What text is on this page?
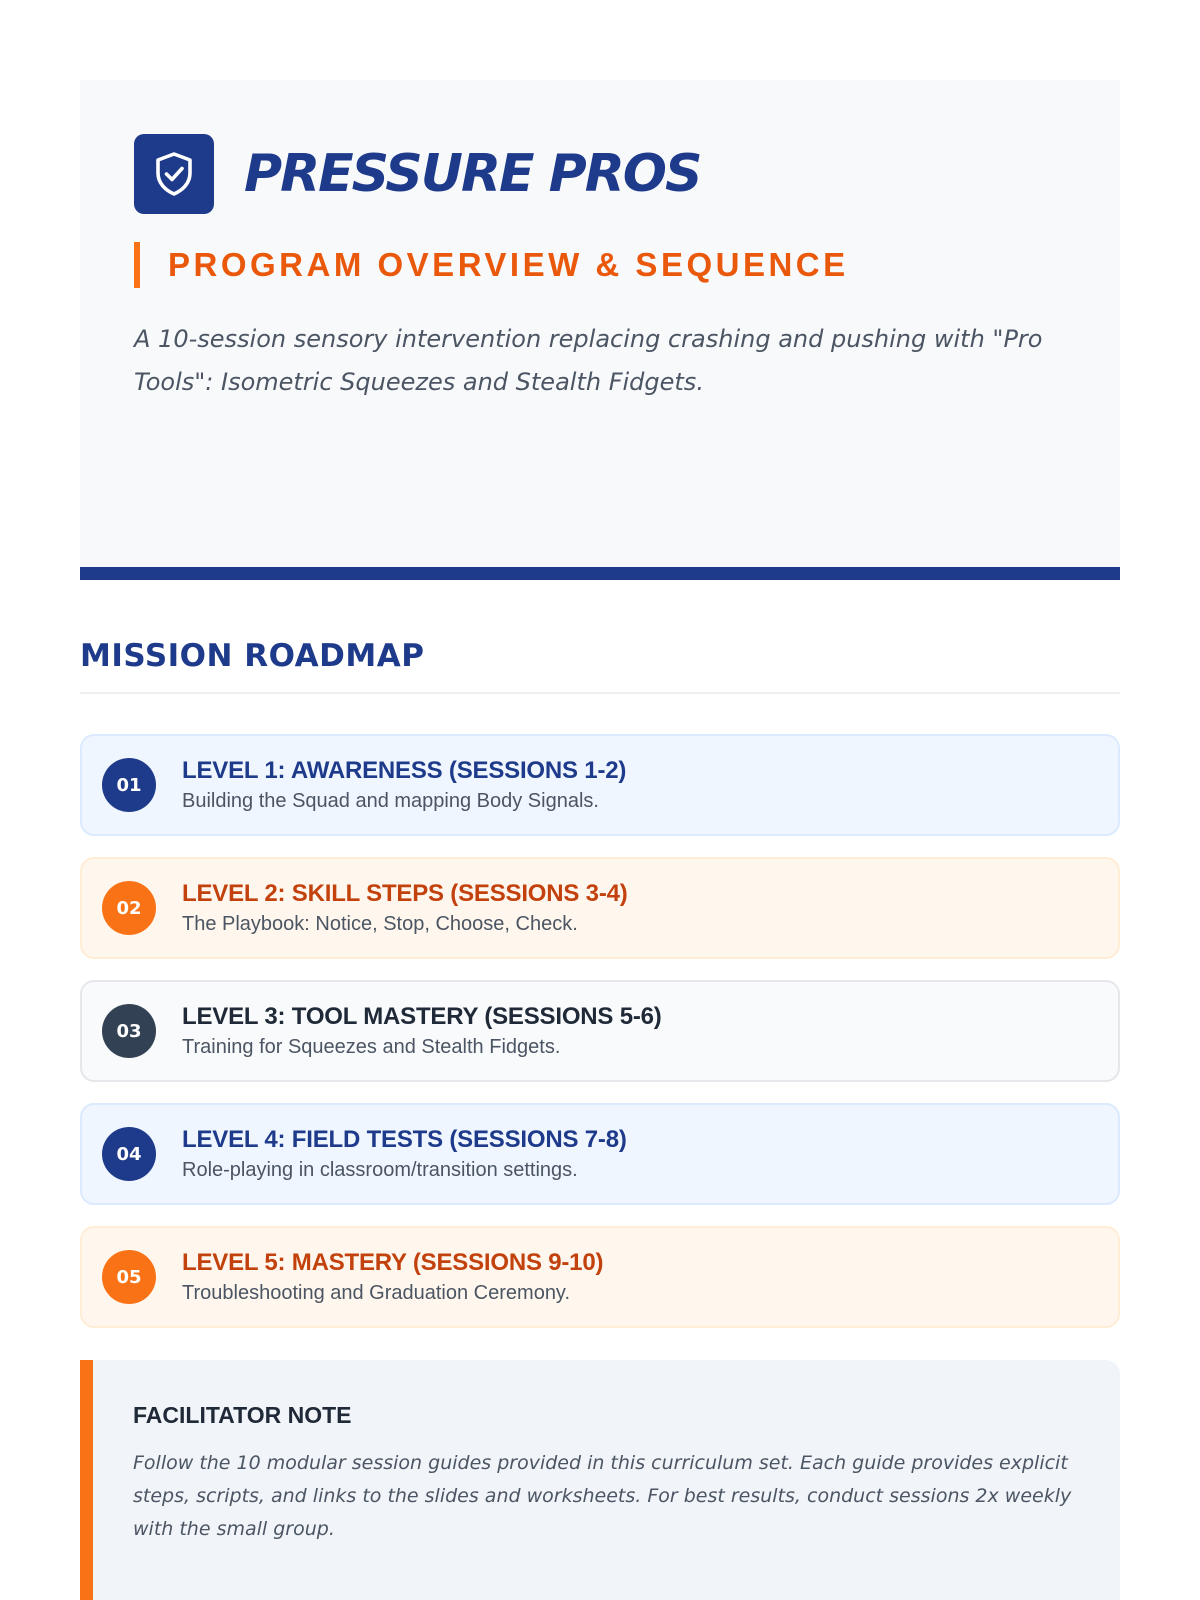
PRESSURE PROS
PROGRAM OVERVIEW & SEQUENCE

A 10-session sensory intervention replacing crashing and pushing with "Pro Tools": Isometric Squeezes and Stealth Fidgets.

MISSION ROADMAP
01
LEVEL 1: AWARENESS (SESSIONS 1-2)
Building the Squad and mapping Body Signals.
02
LEVEL 2: SKILL STEPS (SESSIONS 3-4)
The Playbook: Notice, Stop, Choose, Check.
03
LEVEL 3: TOOL MASTERY (SESSIONS 5-6)
Training for Squeezes and Stealth Fidgets.
04
LEVEL 4: FIELD TESTS (SESSIONS 7-8)
Role-playing in classroom/transition settings.
05
LEVEL 5: MASTERY (SESSIONS 9-10)
Troubleshooting and Graduation Ceremony.
FACILITATOR NOTE

Follow the 10 modular session guides provided in this curriculum set. Each guide provides explicit steps, scripts, and links to the slides and worksheets. For best results, conduct sessions 2x weekly with the small group.
